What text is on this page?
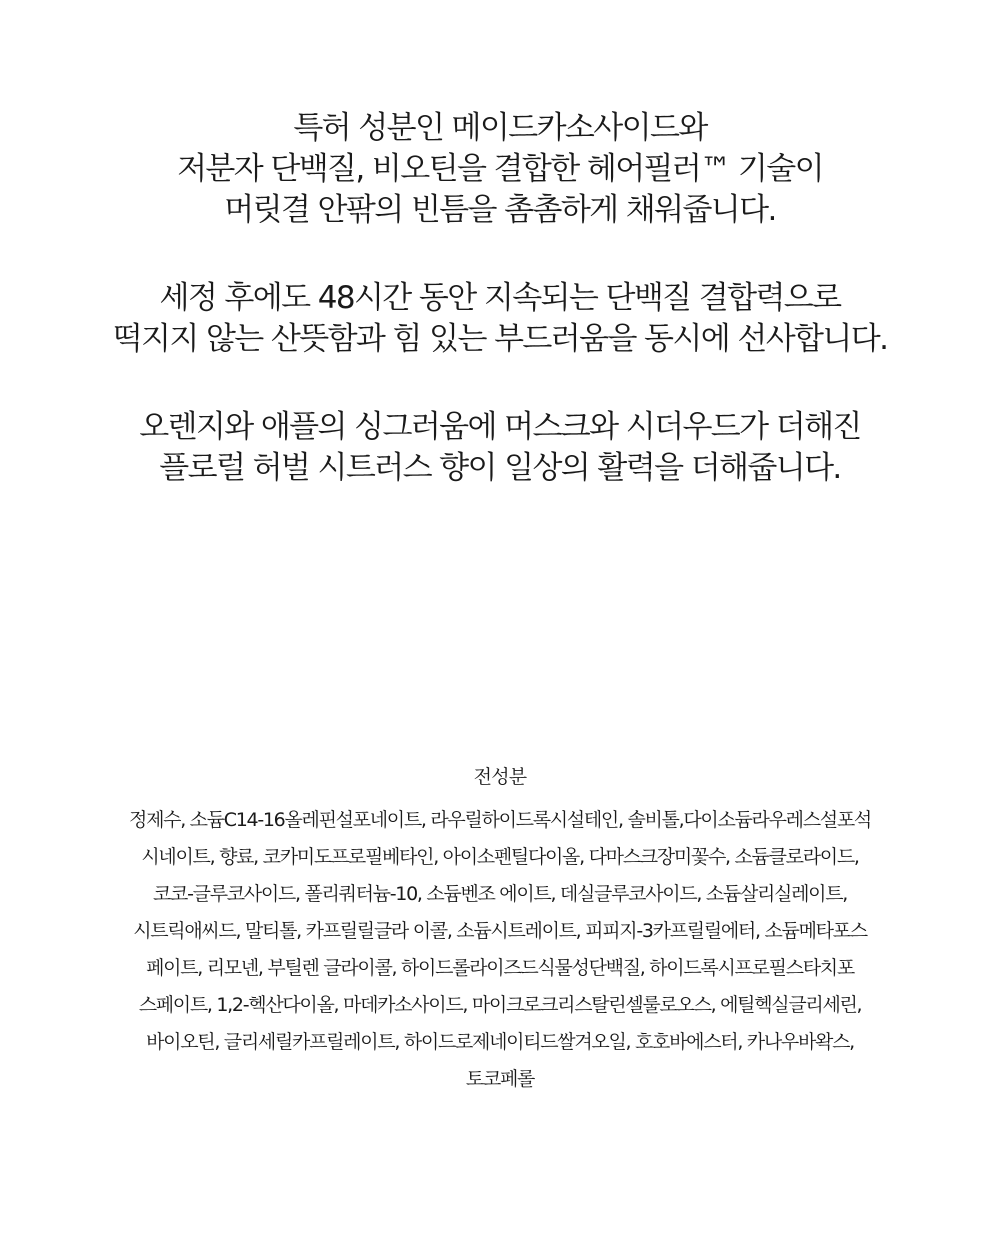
특허 성분인 메이드카소사이드와
저분자 단백질, 비오틴을 결합한 헤어필러™ 기술이
머릿결 안팎의 빈틈을 촘촘하게 채워줍니다.
세정 후에도 48시간 동안 지속되는 단백질 결합력으로
떡지지 않는 산뜻함과 힘 있는 부드러움을 동시에 선사합니다.
오렌지와 애플의 싱그러움에 머스크와 시더우드가 더해진
플로럴 허벌 시트러스 향이 일상의 활력을 더해줍니다.
전성분
정제수, 소듐C14-16올레핀설포네이트, 라우릴하이드록시설테인, 솔비톨,다이소듐라우레스설포석
시네이트, 향료, 코카미도프로필베타인, 아이소펜틸다이올, 다마스크장미꽃수, 소듐클로라이드,
코코-글루코사이드, 폴리쿼터늄-10, 소듐벤조 에이트, 데실글루코사이드, 소듐살리실레이트,
시트릭애씨드, 말티톨, 카프릴릴글라 이콜, 소듐시트레이트, 피피지-3카프릴릴에터, 소듐메타포스
페이트, 리모넨, 부틸렌 글라이콜, 하이드롤라이즈드식물성단백질, 하이드록시프로필스타치포
스페이트, 1,2-헥산다이올, 마데카소사이드, 마이크로크리스탈린셀룰로오스, 에틸헥실글리세린,
바이오틴, 글리세릴카프릴레이트, 하이드로제네이티드쌀겨오일, 호호바에스터, 카나우바왁스,
토코페롤
